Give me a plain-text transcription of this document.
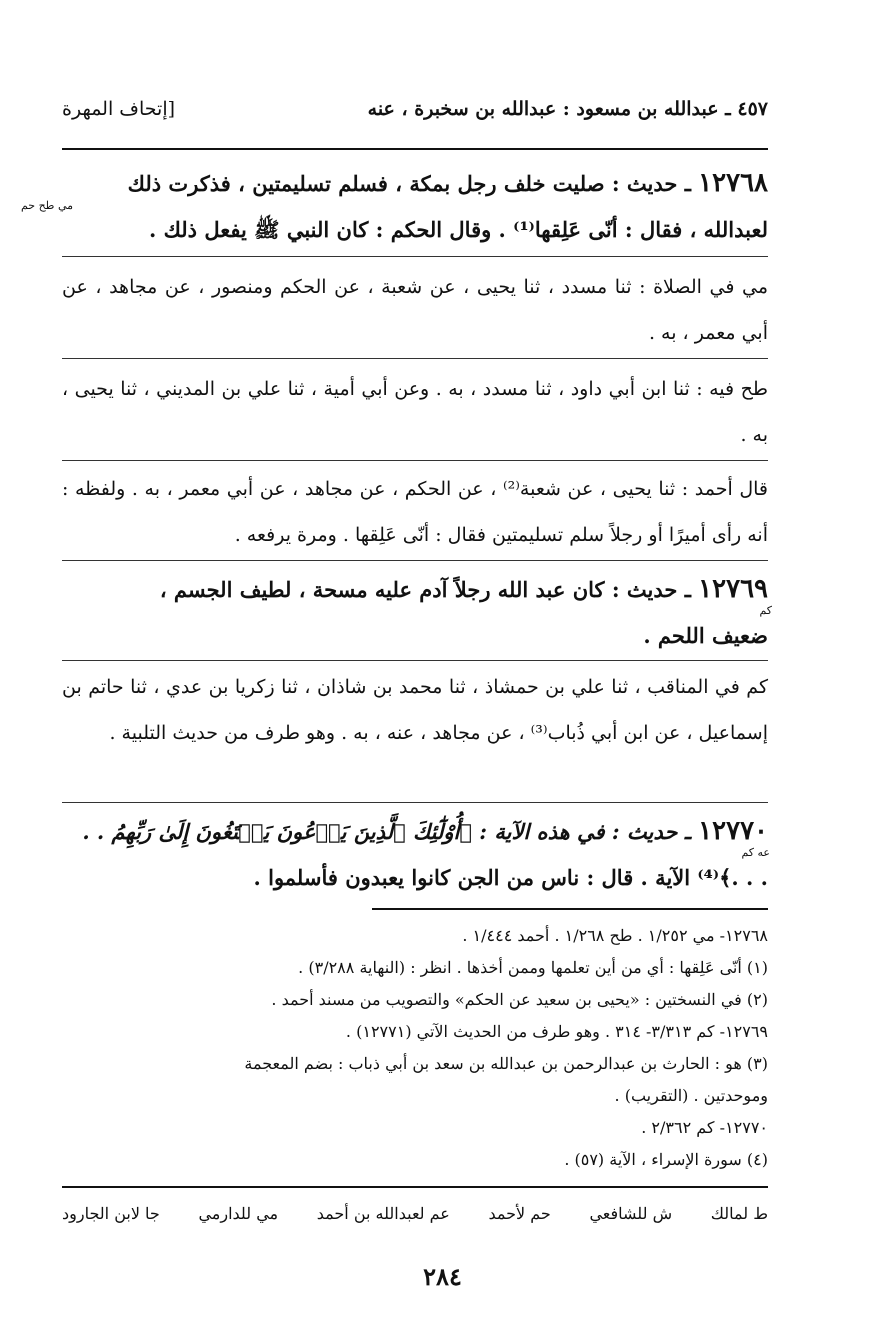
٤٥٧ ـ عبدالله بن مسعود : عبدالله بن سخبرة ، عنه
[إتحاف المهرة
١٢٧٦٨ ـ حديث : صليت خلف رجل بمكة ، فسلم تسليمتين ، فذكرت ذلك
لعبدالله ، فقال : أنّى عَلِقها⁽¹⁾ . وقال الحكم : كان النبي ﷺ يفعل ذلك .
مي طح حم
مي في الصلاة : ثنا مسدد ، ثنا يحيى ، عن شعبة ، عن الحكم ومنصور ، عن مجاهد ، عن أبي معمر ، به .
طح فيه : ثنا ابن أبي داود ، ثنا مسدد ، به . وعن أبي أمية ، ثنا علي بن المديني ، ثنا يحيى ، به .
قال أحمد : ثنا يحيى ، عن شعبة⁽²⁾ ، عن الحكم ، عن مجاهد ، عن أبي معمر ، به . ولفظه : أنه رأى أميرًا أو رجلاً سلم تسليمتين فقال : أنّى عَلِقها . ومرة يرفعه .
١٢٧٦٩ ـ حديث : كان عبد الله رجلاً آدم عليه مسحة ، لطيف الجسم ،
ضعيف اللحم .
كم
كم في المناقب ، ثنا علي بن حمشاذ ، ثنا محمد بن شاذان ، ثنا زكريا بن عدي ، ثنا حاتم بن إسماعيل ، عن ابن أبي ذُباب⁽³⁾ ، عن مجاهد ، عنه ، به . وهو طرف من حديث التلبية .
١٢٧٧٠ ـ حديث : في هذه الآية : ﴿أُوْلَٰٓئِكَ ٱلَّذِينَ يَدۡعُونَ يَبۡتَغُونَ إِلَىٰ رَبِّهِمُ . .
. . .﴾⁽⁴⁾ الآية . قال : ناس من الجن كانوا يعبدون فأسلموا .
عه كم
١٢٧٦٨- مي ١/٢٥٢ . طح ١/٢٦٨ . أحمد ١/٤٤٤ .
(١) أنّى عَلِقها : أي من أين تعلمها وممن أخذها . انظر : (النهاية ٣/٢٨٨) .
(٢) في النسختين : «يحيى بن سعيد عن الحكم» والتصويب من مسند أحمد .
١٢٧٦٩- كم ٣/٣١٣- ٣١٤ . وهو طرف من الحديث الآتي (١٢٧٧١) .
(٣) هو : الحارث بن عبدالرحمن بن عبدالله بن سعد بن أبي ذباب : بضم المعجمة
وموحدتين . (التقريب) .
١٢٧٧٠- كم ٢/٣٦٢ .
(٤) سورة الإسراء ، الآية (٥٧) .
ط لمالك
ش للشافعي
حم لأحمد
عم لعبدالله بن أحمد
مي للدارمي
جا لابن الجارود
٢٨٤
